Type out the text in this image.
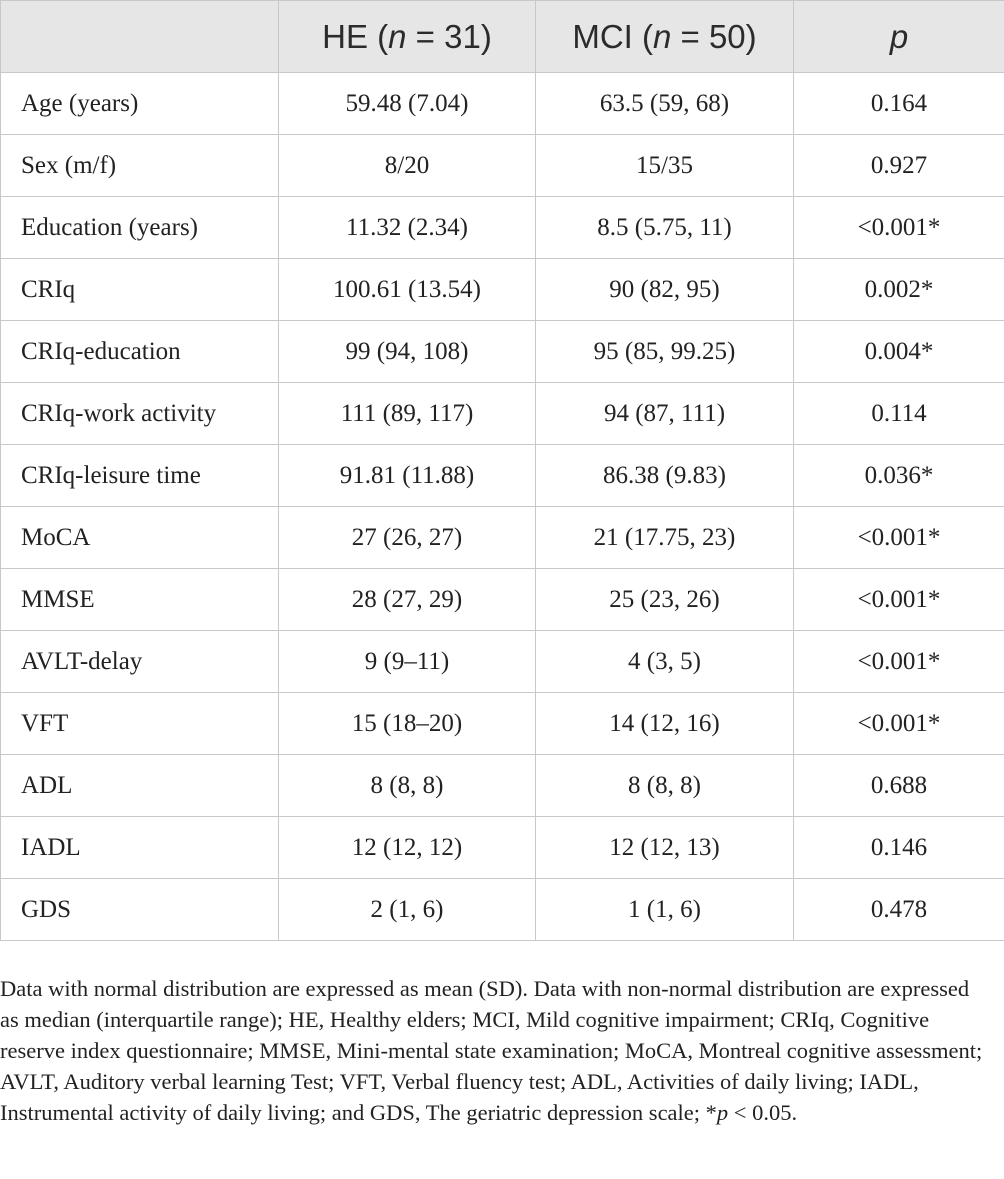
	HE (n = 31)	MCI (n = 50)	p
Age (years)	59.48 (7.04)	63.5 (59, 68)	0.164
Sex (m/f)	8/20	15/35	0.927
Education (years)	11.32 (2.34)	8.5 (5.75, 11)	<0.001*
CRIq	100.61 (13.54)	90 (82, 95)	0.002*
CRIq-education	99 (94, 108)	95 (85, 99.25)	0.004*
CRIq-work activity	111 (89, 117)	94 (87, 111)	0.114
CRIq-leisure time	91.81 (11.88)	86.38 (9.83)	0.036*
MoCA	27 (26, 27)	21 (17.75, 23)	<0.001*
MMSE	28 (27, 29)	25 (23, 26)	<0.001*
AVLT-delay	9 (9–11)	4 (3, 5)	<0.001*
VFT	15 (18–20)	14 (12, 16)	<0.001*
ADL	8 (8, 8)	8 (8, 8)	0.688
IADL	12 (12, 12)	12 (12, 13)	0.146
GDS	2 (1, 6)	1 (1, 6)	0.478

Data with normal distribution are expressed as mean (SD). Data with non-normal distribution are expressed as median (interquartile range); HE, Healthy elders; MCI, Mild cognitive impairment; CRIq, Cognitive reserve index questionnaire; MMSE, Mini-mental state examination; MoCA, Montreal cognitive assessment; AVLT, Auditory verbal learning Test; VFT, Verbal fluency test; ADL, Activities of daily living; IADL, Instrumental activity of daily living; and GDS, The geriatric depression scale; *p < 0.05.
